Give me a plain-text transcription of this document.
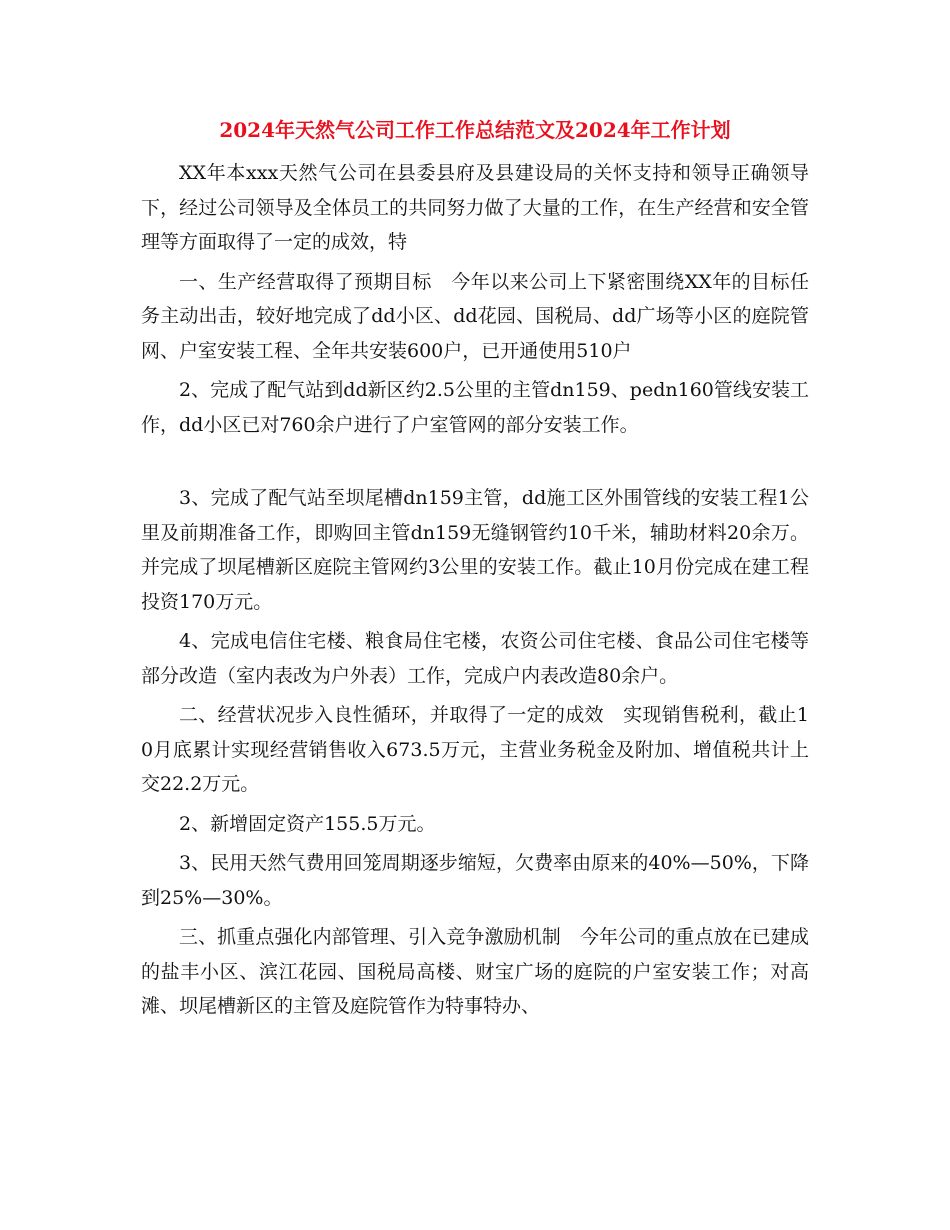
2024年天然气公司工作工作总结范文及2024年工作计划

XX年本xxx天然气公司在县委县府及县建设局的关怀支持和领导正确领导下，经过公司领导及全体员工的共同努力做了大量的工作，在生产经营和安全管理等方面取得了一定的成效，特

一、生产经营取得了预期目标　今年以来公司上下紧密围绕XX年的目标任务主动出击，较好地完成了dd小区、dd花园、国税局、dd广场等小区的庭院管网、户室安装工程、全年共安装600户，已开通使用510户

2、完成了配气站到dd新区约2.5公里的主管dn159、pedn160管线安装工作，dd小区已对760余户进行了户室管网的部分安装工作。

3、完成了配气站至坝尾槽dn159主管，dd施工区外围管线的安装工程1公里及前期准备工作，即购回主管dn159无缝钢管约10千米，辅助材料20余万。并完成了坝尾槽新区庭院主管网约3公里的安装工作。截止10月份完成在建工程投资170万元。

4、完成电信住宅楼、粮食局住宅楼，农资公司住宅楼、食品公司住宅楼等部分改造（室内表改为户外表）工作，完成户内表改造80余户。

二、经营状况步入良性循环，并取得了一定的成效　实现销售税利，截止10月底累计实现经营销售收入673.5万元，主营业务税金及附加、增值税共计上交22.2万元。

2、新增固定资产155.5万元。

3、民用天然气费用回笼周期逐步缩短，欠费率由原来的40%—50%，下降到25%—30%。

三、抓重点强化内部管理、引入竞争激励机制　今年公司的重点放在已建成的盐丰小区、滨江花园、国税局高楼、财宝广场的庭院的户室安装工作；对高滩、坝尾槽新区的主管及庭院管作为特事特办、
